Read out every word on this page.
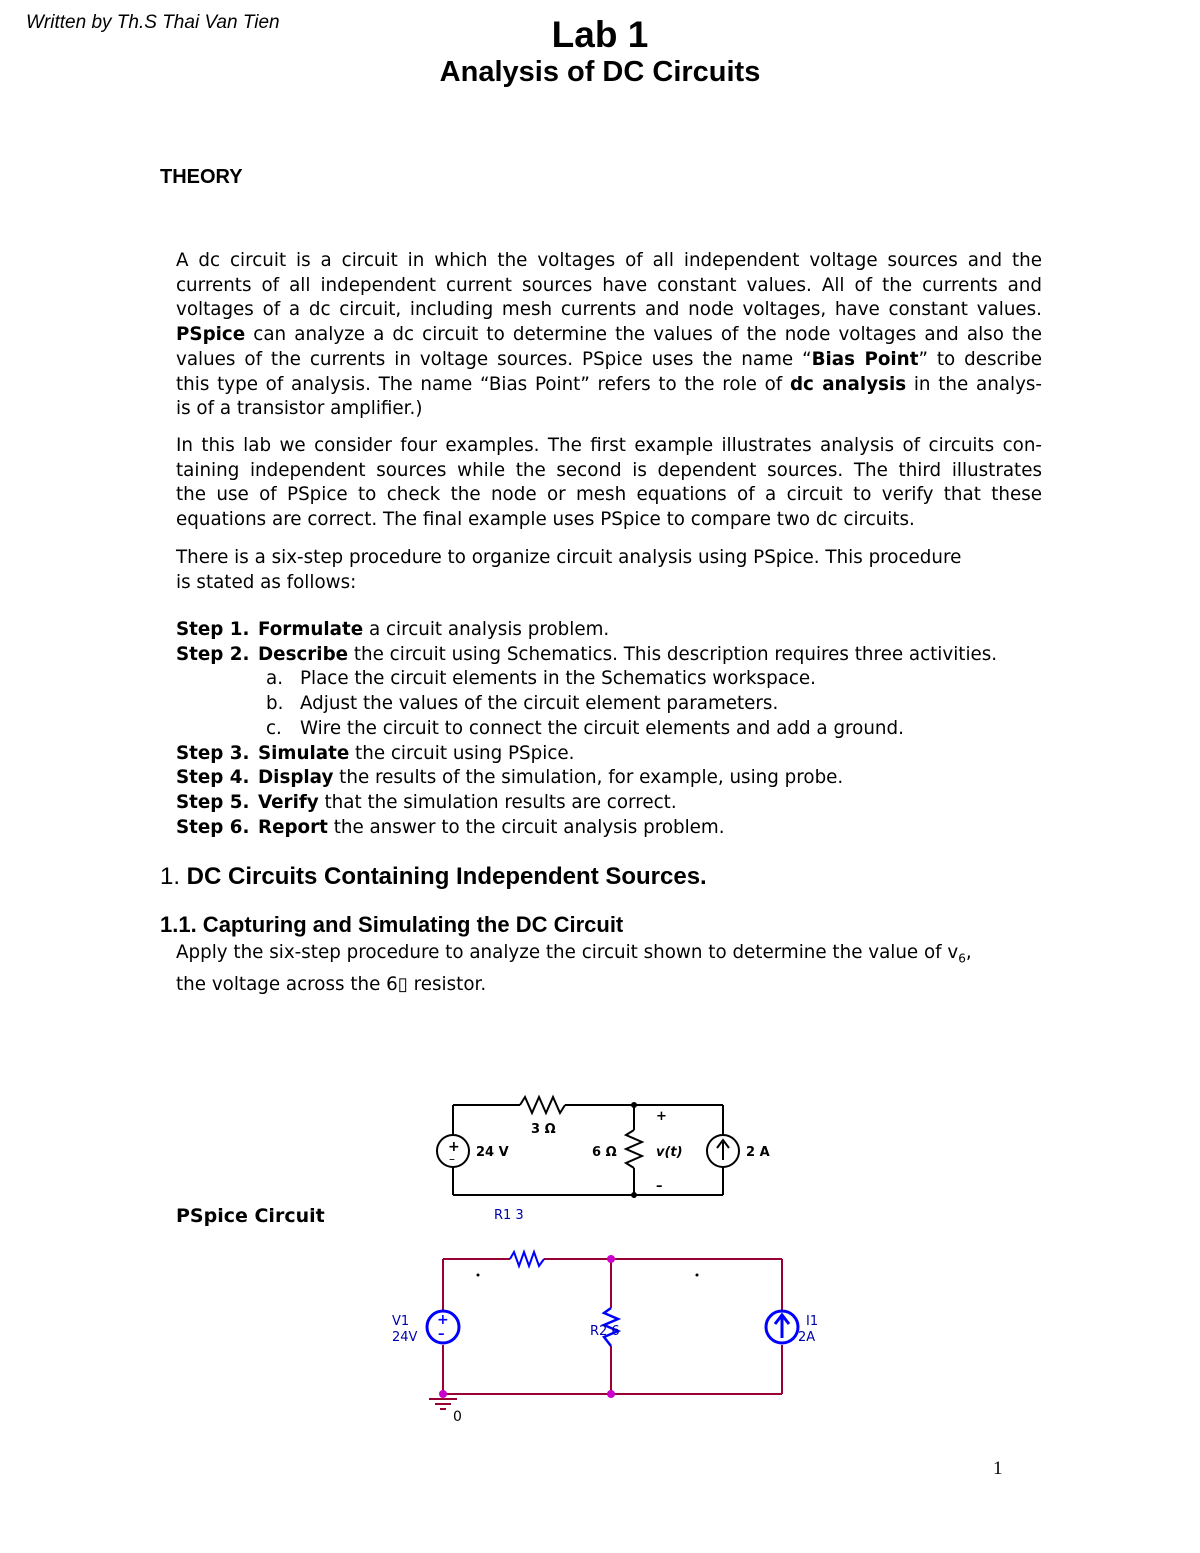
Written by Th.S Thai Van Tien	Lab 1
Analysis of DC Circuits
THEORY
A dc circuit is a circuit in which the voltages of all independent voltage sources and the
currents of all independent current sources have constant values. All of the currents and
voltages of a dc circuit, including mesh currents and node voltages, have constant values.
PSpice can analyze a dc circuit to determine the values of the node voltages and also the
values of the currents in voltage sources. PSpice uses the name “Bias Point” to describe
this type of analysis. The name “Bias Point” refers to the role of dc analysis in the analys-
is of a transistor amplifier.)
In this lab we consider four examples. The first example illustrates analysis of circuits con-
taining independent sources while the second is dependent sources. The third illustrates
the use of PSpice to check the node or mesh equations of a circuit to verify that these
equations are correct. The final example uses PSpice to compare two dc circuits.
There is a six-step procedure to organize circuit analysis using PSpice. This procedure
is stated as follows:
Step 1. Formulate a circuit analysis problem.
Step 2. Describe the circuit using Schematics. This description requires three activities.
a. Place the circuit elements in the Schematics workspace.
b. Adjust the values of the circuit element parameters.
c. Wire the circuit to connect the circuit elements and add a ground.
Step 3. Simulate the circuit using PSpice.
Step 4. Display the results of the simulation, for example, using probe.
Step 5. Verify that the simulation results are correct.
Step 6. Report the answer to the circuit analysis problem.
1. DC Circuits Containing Independent Sources.
1.1. Capturing and Simulating the DC Circuit
Apply the six-step procedure to analyze the circuit shown to determine the value of $v_6$,
the voltage across the 6▯ resistor.
+
– 24 V
3 Ω
6 Ω
+
v(t)
–
2 A
PSpice Circuit	R1 3
+
–
V1
24V	R2 6
I1
2A
0
1
